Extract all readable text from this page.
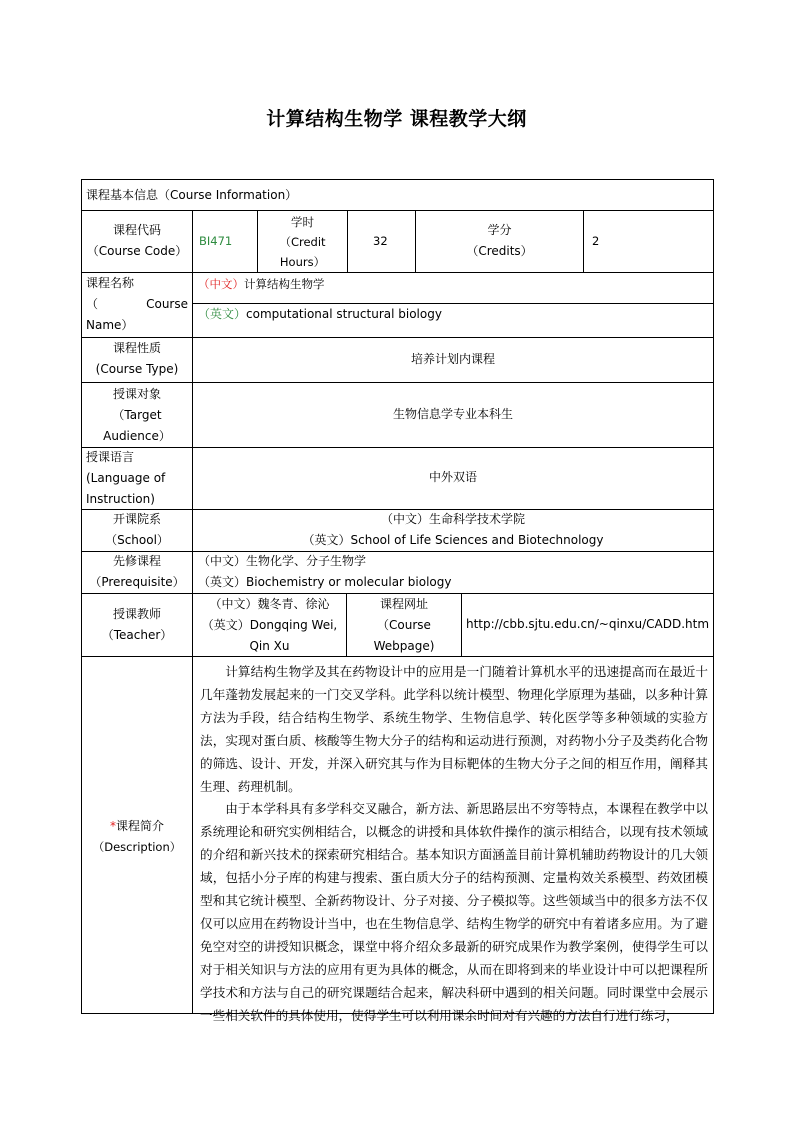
计算结构生物学 课程教学大纲
课程基本信息（Course Information）
课程代码
（Course Code）
BI471
学时
（Credit
Hours）
32
学分
（Credits）
2
课程名称
（	Course
Name）
（中文）计算结构生物学
（英文）computational structural biology
课程性质
(Course Type)
培养计划内课程
授课对象
（Target
Audience）
生物信息学专业本科生
授课语言
(Language of
Instruction)
中外双语
开课院系
（School）
（中文）生命科学技术学院
（英文）School of Life Sciences and Biotechnology
先修课程
（Prerequisite）
（中文）生物化学、分子生物学
（英文）Biochemistry or molecular biology
授课教师
（Teacher）
（中文）魏冬青、徐沁
（英文）Dongqing Wei,
Qin Xu
课程网址
（Course
Webpage)
http://cbb.sjtu.edu.cn/~qinxu/CADD.htm
*课程简介
（Description）

计算结构生物学及其在药物设计中的应用是一门随着计算机水平的迅速提高而在最近十几年蓬勃发展起来的一门交叉学科。此学科以统计模型、物理化学原理为基础，以多种计算方法为手段，结合结构生物学、系统生物学、生物信息学、转化医学等多种领域的实验方法，实现对蛋白质、核酸等生物大分子的结构和运动进行预测，对药物小分子及类药化合物的筛选、设计、开发，并深入研究其与作为目标靶体的生物大分子之间的相互作用，阐释其生理、药理机制。

由于本学科具有多学科交叉融合，新方法、新思路层出不穷等特点，本课程在教学中以系统理论和研究实例相结合，以概念的讲授和具体软件操作的演示相结合，以现有技术领域的介绍和新兴技术的探索研究相结合。基本知识方面涵盖目前计算机辅助药物设计的几大领域，包括小分子库的构建与搜索、蛋白质大分子的结构预测、定量构效关系模型、药效团模型和其它统计模型、全新药物设计、分子对接、分子模拟等。这些领域当中的很多方法不仅仅可以应用在药物设计当中，也在生物信息学、结构生物学的研究中有着诸多应用。为了避免空对空的讲授知识概念，课堂中将介绍众多最新的研究成果作为教学案例，使得学生可以对于相关知识与方法的应用有更为具体的概念，从而在即将到来的毕业设计中可以把课程所学技术和方法与自己的研究课题结合起来，解决科研中遇到的相关问题。同时课堂中会展示一些相关软件的具体使用，使得学生可以利用课余时间对有兴趣的方法自行进行练习，
